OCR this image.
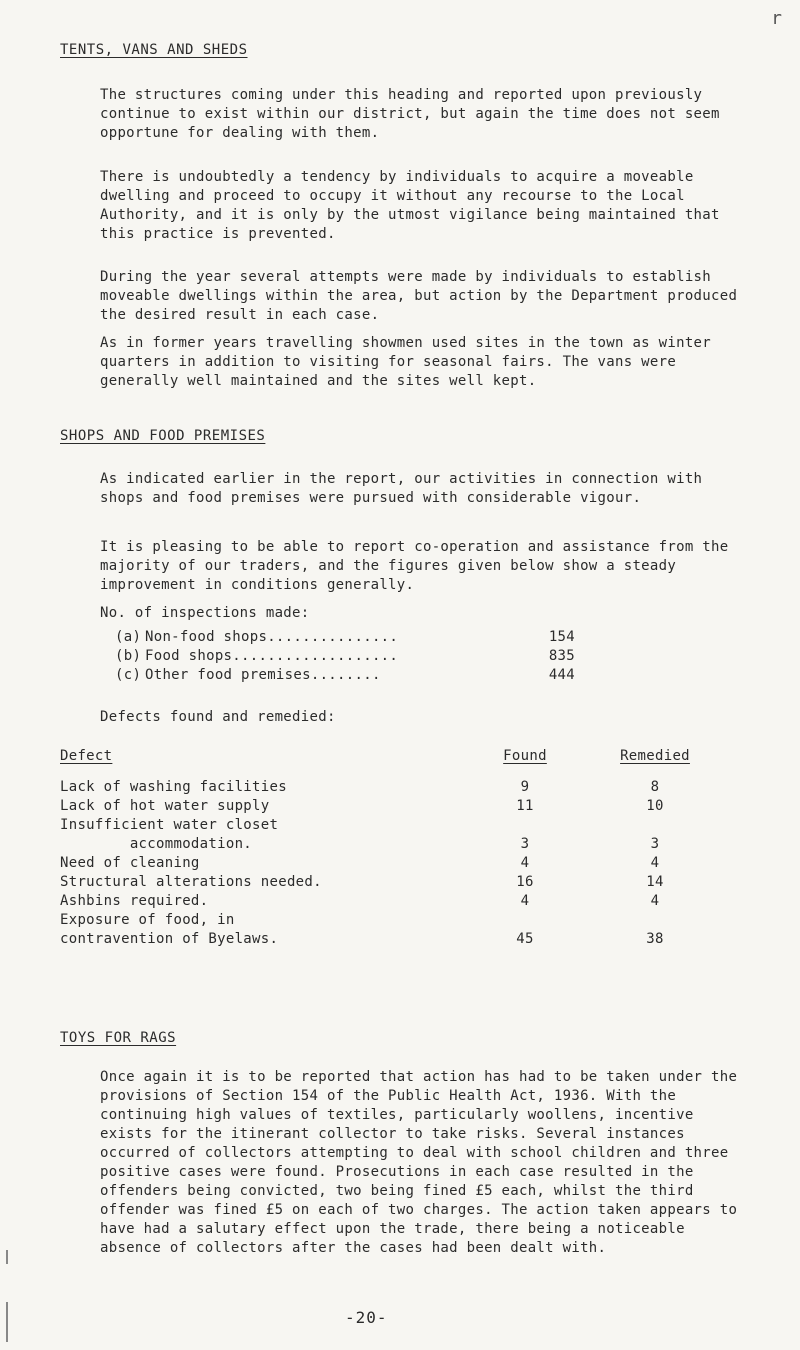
r
TENTS, VANS AND SHEDS

The structures coming under this heading and reported upon previously continue to exist within our district, but again the time does not seem opportune for dealing with them.

There is undoubtedly a tendency by individuals to acquire a moveable dwelling and proceed to occupy it without any recourse to the Local Authority, and it is only by the utmost vigilance being maintained that this practice is prevented.

During the year several attempts were made by individuals to establish moveable dwellings within the area, but action by the Department produced the desired result in each case.

As in former years travelling showmen used sites in the town as winter quarters in addition to visiting for seasonal fairs. The vans were generally well maintained and the sites well kept.

SHOPS AND FOOD PREMISES

As indicated earlier in the report, our activities in connection with shops and food premises were pursued with considerable vigour.

It is pleasing to be able to report co-operation and assistance from the majority of our traders, and the figures given below show a steady improvement in conditions generally.

No. of inspections made:
(a) Non-food shops...............	154
(b) Food shops...................	835
(c) Other food premises........	444
Defects found and remedied:
Defect	Found	Remedied
Lack of washing facilities	9	8
Lack of hot water supply	11	10
Insufficient water closet
accommodation.	3	3
Need of cleaning	4	4
Structural alterations needed.	16	14
Ashbins required.	4	4
Exposure of food, in
contravention of Byelaws.	45	38
TOYS FOR RAGS

Once again it is to be reported that action has had to be taken under the provisions of Section 154 of the Public Health Act, 1936. With the continuing high values of textiles, particularly woollens, incentive exists for the itinerant collector to take risks. Several instances occurred of collectors attempting to deal with school children and three positive cases were found. Prosecutions in each case resulted in the offenders being convicted, two being fined £5 each, whilst the third offender was fined £5 on each of two charges. The action taken appears to have had a salutary effect upon the trade, there being a noticeable absence of collectors after the cases had been dealt with.

-20-
